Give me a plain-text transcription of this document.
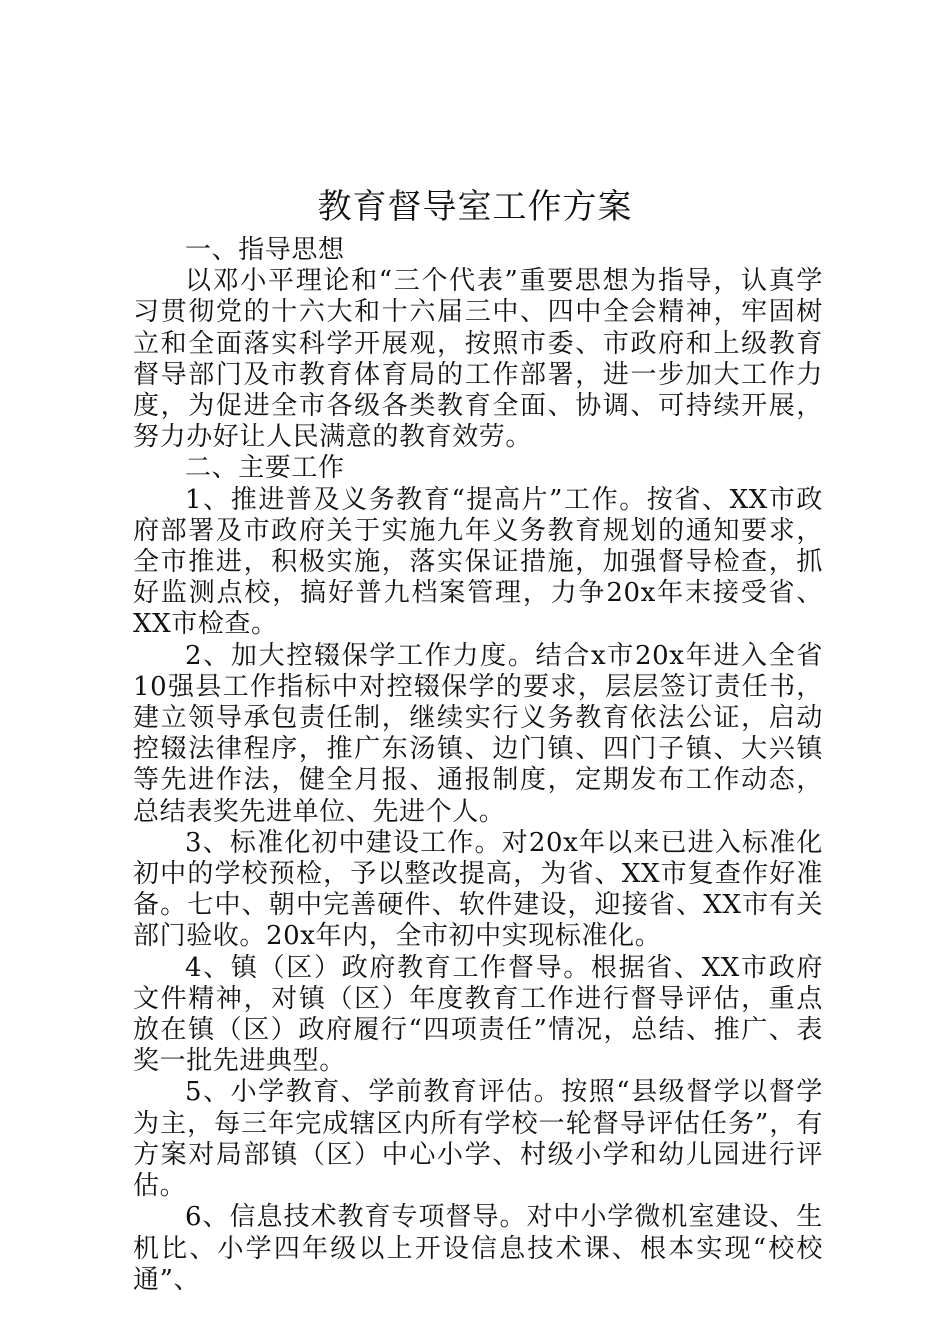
教育督导室工作方案

一、指导思想

以邓小平理论和“三个代表”重要思想为指导，认真学习贯彻党的十六大和十六届三中、四中全会精神，牢固树立和全面落实科学开展观，按照市委、市政府和上级教育督导部门及市教育体育局的工作部署，进一步加大工作力度，为促进全市各级各类教育全面、协调、可持续开展，努力办好让人民满意的教育效劳。

二、主要工作

1、推进普及义务教育“提高片”工作。按省、XX市政府部署及市政府关于实施九年义务教育规划的通知要求，全市推进，积极实施，落实保证措施，加强督导检查，抓好监测点校，搞好普九档案管理，力争20x年末接受省、XX市检查。

2、加大控辍保学工作力度。结合x市20x年进入全省10强县工作指标中对控辍保学的要求，层层签订责任书，建立领导承包责任制，继续实行义务教育依法公证，启动控辍法律程序，推广东汤镇、边门镇、四门子镇、大兴镇等先进作法，健全月报、通报制度，定期发布工作动态，总结表奖先进单位、先进个人。

3、标准化初中建设工作。对20x年以来已进入标准化初中的学校预检，予以整改提高，为省、XX市复查作好准备。七中、朝中完善硬件、软件建设，迎接省、XX市有关部门验收。20x年内，全市初中实现标准化。

4、镇（区）政府教育工作督导。根据省、XX市政府文件精神，对镇（区）年度教育工作进行督导评估，重点放在镇（区）政府履行“四项责任”情况，总结、推广、表奖一批先进典型。

5、小学教育、学前教育评估。按照“县级督学以督学为主，每三年完成辖区内所有学校一轮督导评估任务”，有方案对局部镇（区）中心小学、村级小学和幼儿园进行评估。

6、信息技术教育专项督导。对中小学微机室建设、生机比、小学四年级以上开设信息技术课、根本实现“校校通”、
